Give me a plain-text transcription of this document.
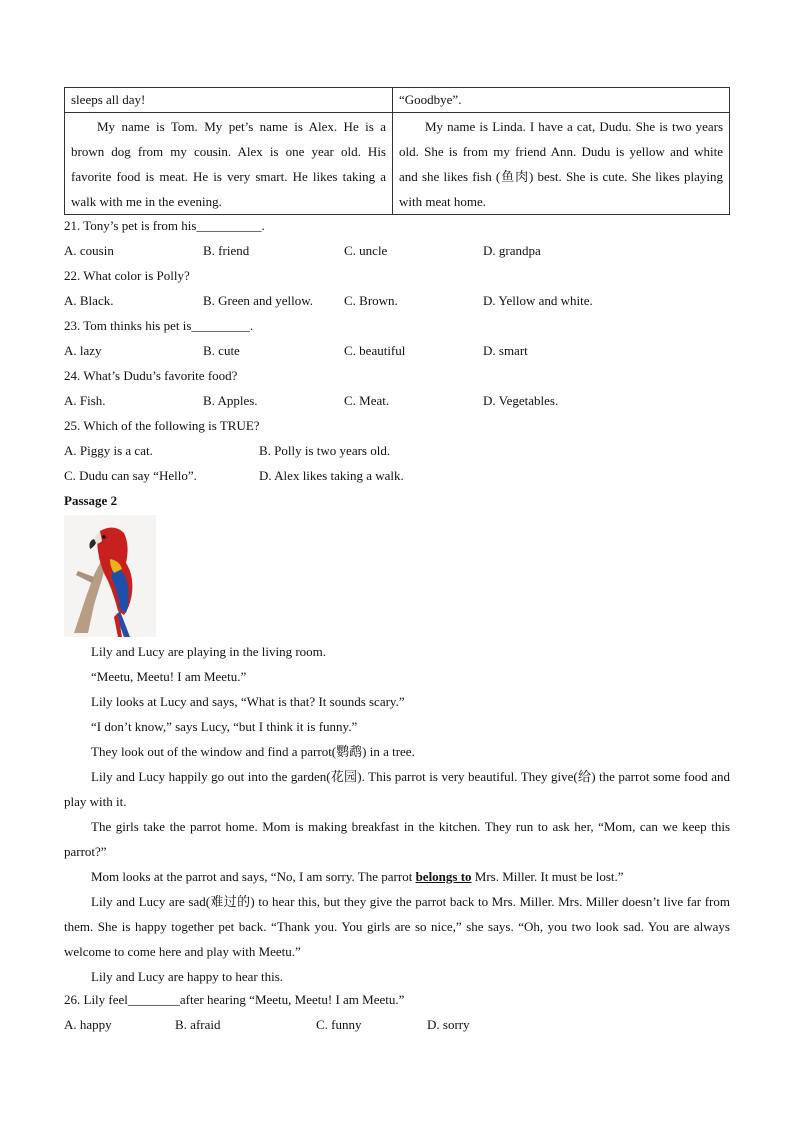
sleeps all day!	“Goodbye”.

My name is Tom. My pet’s name is Alex. He is a brown dog from my cousin. Alex is one year old. His favorite food is meat. He is very smart. He likes taking a walk with me in the evening.	My name is Linda. I have a cat, Dudu. She is two years old. She is from my friend Ann. Dudu is yellow and white and she likes fish (鱼肉) best. She is cute. She likes playing with meat home.

21. Tony’s pet is from his__________.
A. cousin	B. friend	C. uncle	D. grandpa
22. What color is Polly?
A. Black.	B. Green and yellow. C. Brown.	D. Yellow and white.
23. Tom thinks his pet is_________.
A. lazy	B. cute	C. beautiful	D. smart
24. What’s Dudu’s favorite food?
A. Fish.	B. Apples.	C. Meat.	D. Vegetables.
25. Which of the following is TRUE?
A. Piggy is a cat.	B. Polly is two years old.
C. Dudu can say “Hello”.	D. Alex likes taking a walk.
Passage 2

Lily and Lucy are playing in the living room.

“Meetu, Meetu! I am Meetu.”

Lily looks at Lucy and says, “What is that? It sounds scary.”

“I don’t know,” says Lucy, “but I think it is funny.”

They look out of the window and find a parrot(鹦鹉) in a tree.

Lily and Lucy happily go out into the garden(花园). This parrot is very beautiful. They give(给) the parrot some food and play with it.

The girls take the parrot home. Mom is making breakfast in the kitchen. They run to ask her, “Mom, can we keep this parrot?”

Mom looks at the parrot and says, “No, I am sorry. The parrot belongs to Mrs. Miller. It must be lost.”

Lily and Lucy are sad(难过的) to hear this, but they give the parrot back to Mrs. Miller. Mrs. Miller doesn’t live far from them. She is happy together pet back. “Thank you. You girls are so nice,” she says. “Oh, you two look sad. You are always welcome to come here and play with Meetu.”

Lily and Lucy are happy to hear this.

26. Lily feel________after hearing “Meetu, Meetu! I am Meetu.”
A. happy	B. afraid	C. funny	D. sorry
